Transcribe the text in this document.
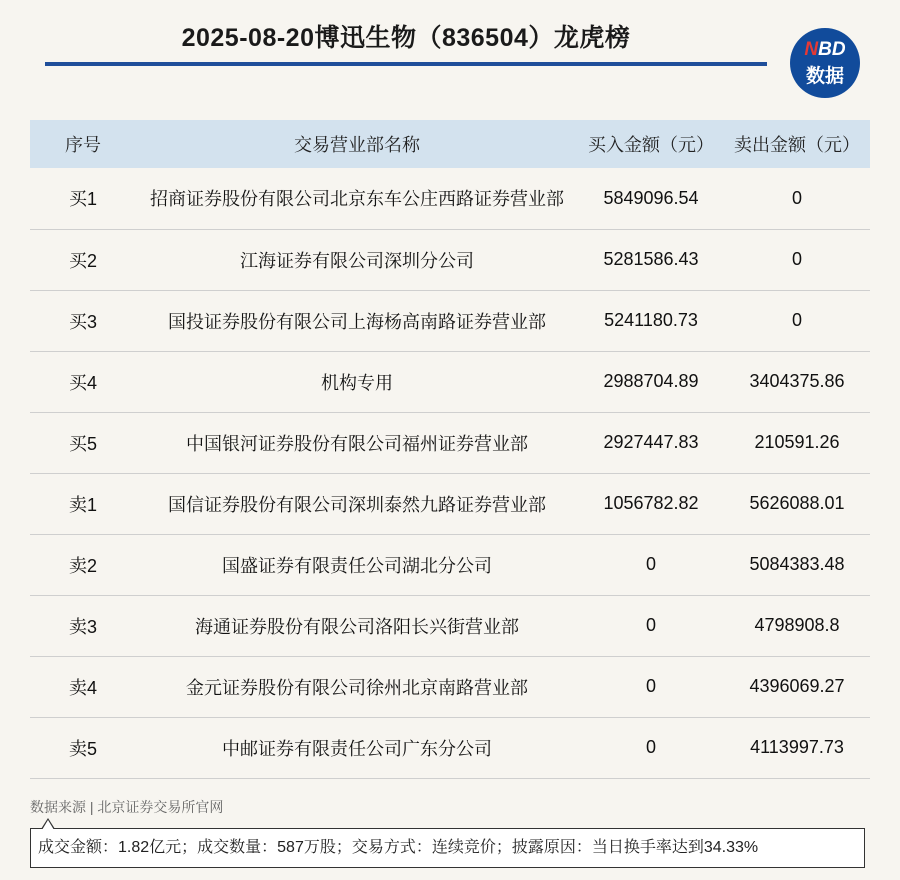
2025-08-20博迅生物（836504）龙虎榜	NBD
数据
序号	交易营业部名称	买入金额（元）	卖出金额（元）
买1	招商证券股份有限公司北京东车公庄西路证券营业部	5849096.54	0
买2	江海证券有限公司深圳分公司	5281586.43	0
买3	国投证券股份有限公司上海杨高南路证券营业部	5241180.73	0
买4	机构专用	2988704.89	3404375.86
买5	中国银河证券股份有限公司福州证券营业部	2927447.83	210591.26
卖1	国信证券股份有限公司深圳泰然九路证券营业部	1056782.82	5626088.01
卖2	国盛证券有限责任公司湖北分公司	0	5084383.48
卖3	海通证券股份有限公司洛阳长兴街营业部	0	4798908.8
卖4	金元证券股份有限公司徐州北京南路营业部	0	4396069.27
卖5	中邮证券有限责任公司广东分公司	0	4113997.73
数据来源 | 北京证券交易所官网
成交金额：1.82亿元；成交数量：587万股；交易方式：连续竞价；披露原因：当日换手率达到34.33%
